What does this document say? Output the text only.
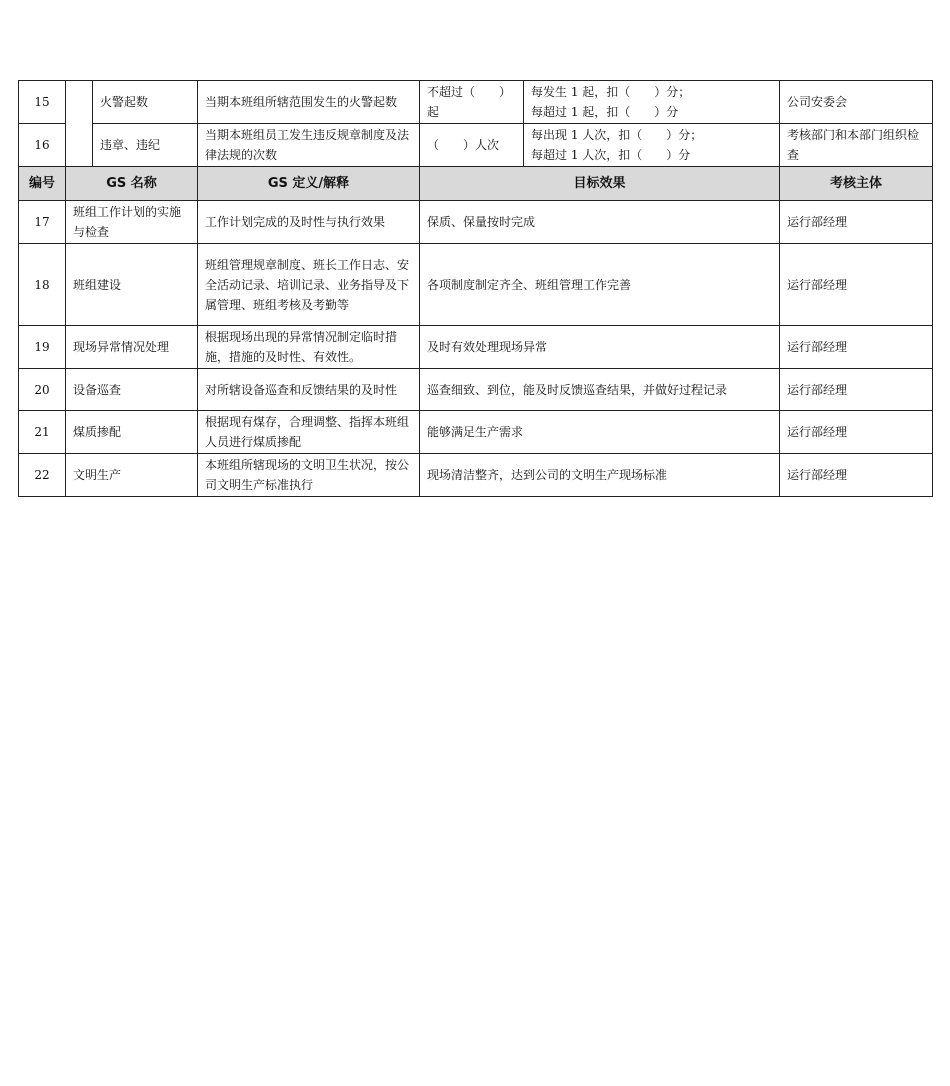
15		火警起数	当期本班组所辖范围发生的火警起数	不超过（　　）起	每发生 1 起，扣（　　）分；
每超过 1 起，扣（　　）分	公司安委会
16		违章、违纪	当期本班组员工发生违反规章制度及法律法规的次数	（　　）人次	每出现 1 人次，扣（　　）分；
每超过 1 人次，扣（　　）分	考核部门和本部门组织检查
编号	GS 名称		GS 定义/解释	目标效果		考核主体
17	班组工作计划的实施与检查		工作计划完成的及时性与执行效果	保质、保量按时完成		运行部经理
18	班组建设		班组管理规章制度、班长工作日志、安全活动记录、培训记录、业务指导及下属管理、班组考核及考勤等	各项制度制定齐全、班组管理工作完善		运行部经理
19	现场异常情况处理		根据现场出现的异常情况制定临时措施，措施的及时性、有效性。	及时有效处理现场异常		运行部经理
20	设备巡查		对所辖设备巡查和反馈结果的及时性	巡查细致、到位，能及时反馈巡查结果，并做好过程记录		运行部经理
21	煤质掺配		根据现有煤存，合理调整、指挥本班组人员进行煤质掺配	能够满足生产需求		运行部经理
22	文明生产		本班组所辖现场的文明卫生状况，按公司文明生产标准执行	现场清洁整齐，达到公司的文明生产现场标准		运行部经理
